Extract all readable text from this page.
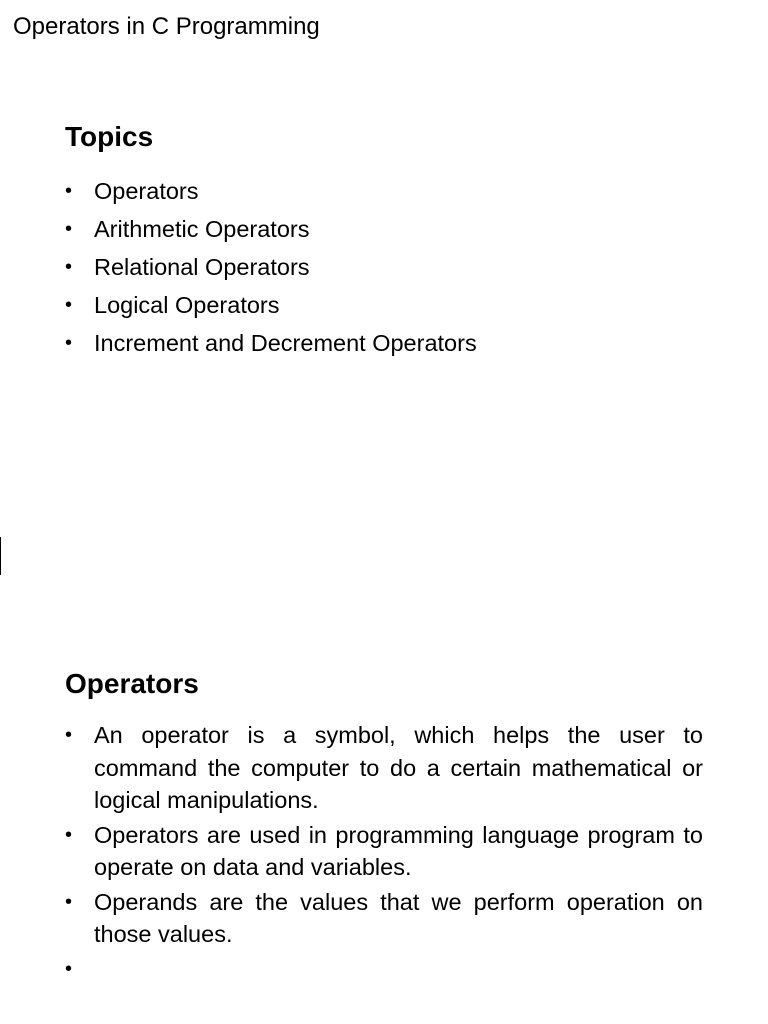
Operators in C Programming
Topics
• Operators
• Arithmetic Operators
• Relational Operators
• Logical Operators
• Increment and Decrement Operators
Operators
• An operator is a symbol, which helps the user to command the computer to do a certain mathematical or logical manipulations.
• Operators are used in programming language program to operate on data and variables.
• Operands are the values that we perform operation on those values.
•
